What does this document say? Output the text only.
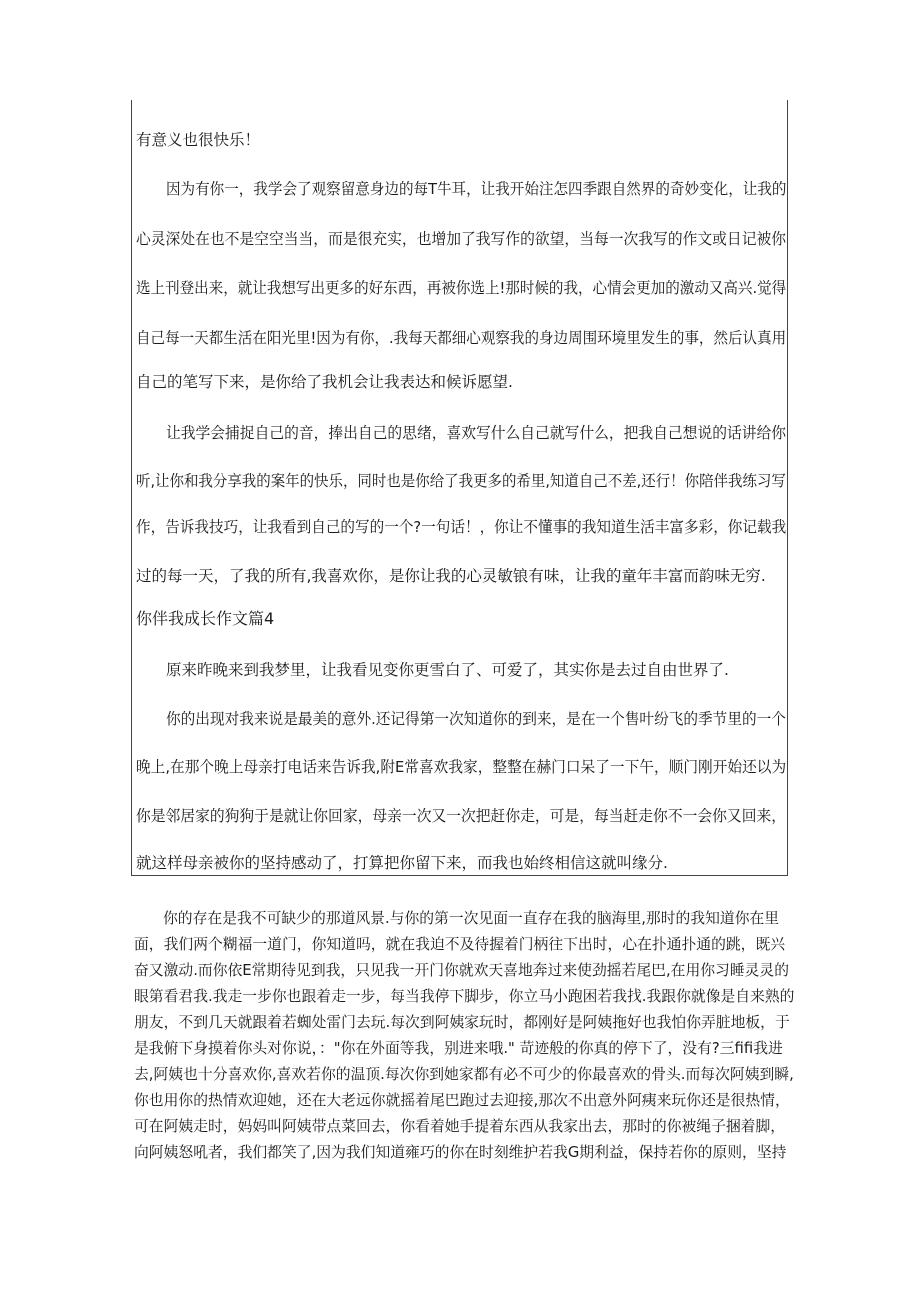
有意义也很快乐！
因为有你一，我学会了观察留意身边的每T牛耳，让我开始注怎四季跟自然界的奇妙变化，让我的
心灵深处在也不是空空当当，而是很充实，也增加了我写作的欲望，当每一次我写的作文或日记被你
选上刊登出来，就让我想写出更多的好东西，再被你选上!那时候的我，心情会更加的激动又高兴.觉得
自己每一天都生活在阳光里!因为有你，.我每天都细心观察我的身边周围环境里发生的事，然后认真用
自己的笔写下来，是你给了我机会让我表达和候诉愿望.
让我学会捕捉自己的音，捧出自己的思绪，喜欢写什么自己就写什么，把我自己想说的话讲给你
听,让你和我分享我的案年的快乐，同时也是你给了我更多的希里,知道自己不差,还行！你陪伴我练习写
作，告诉我技巧，让我看到自己的写的一个?一句话！，你让不懂事的我知道生活丰富多彩，你记载我
过的每一天，了我的所有,我喜欢你，是你让我的心灵敏锒有味，让我的童年丰富而韵味无穷.
你伴我成长作文篇4
原来昨晚来到我梦里，让我看见变你更雪白了、可爱了，其实你是去过自由世界了.
你的出现对我来说是最美的意外.还记得第一次知道你的到来，是在一个售叶纷飞的季节里的一个
晚上,在那个晚上母亲打电话来告诉我,附E常喜欢我家，整整在赫门口呆了一下午，顺门刚开始还以为
你是邻居家的狗狗于是就让你回家，母亲一次又一次把赶你走，可是，每当赶走你不一会你又回来，
就这样母亲被你的坚持感动了，打算把你留下来，而我也始终相信这就叫缘分.
你的存在是我不可缺少的那道风景.与你的第一次见面一直存在我的脑海里,那时的我知道你在里
面，我们两个糊福一道门，你知道吗，就在我迫不及待握着门柄往下出时，心在扑通扑通的跳，既兴
奋又激动.而你依E常期待见到我，只见我一开门你就欢天喜地奔过来使劲摇若尾巴,在用你习睡灵灵的
眼第看君我.我走一步你也跟着走一步，每当我停下脚步，你立马小跑困若我找.我跟你就像是自来熟的
朋友，不到几天就跟着若蜘处雷门去玩.每次到阿姨家玩时，都刚好是阿姨拖好也我怕你弄脏地板，于
是我俯下身摸着你头对你说，："你在外面等我，别进来哦." 苛迹般的你真的停下了，没有?三fifi我进
去,阿姨也十分喜欢你,喜欢若你的温顶.每次你到她家都有必不可少的你最喜欢的骨头.而每次阿姨到瞬,
你也用你的热情欢迎她，还在大老远你就摇着尾巴跑过去迎接,那次不出意外阿痍来玩你还是很热情，
可在阿姨走时，妈妈叫阿姨带点菜回去，你看着她手提着东西从我家出去，那时的你被绳子捆着脚，
向阿姨怒吼者，我们都笑了,因为我们知道雍巧的你在时刻维护若我G期利益，保持若你的原则，坚持
